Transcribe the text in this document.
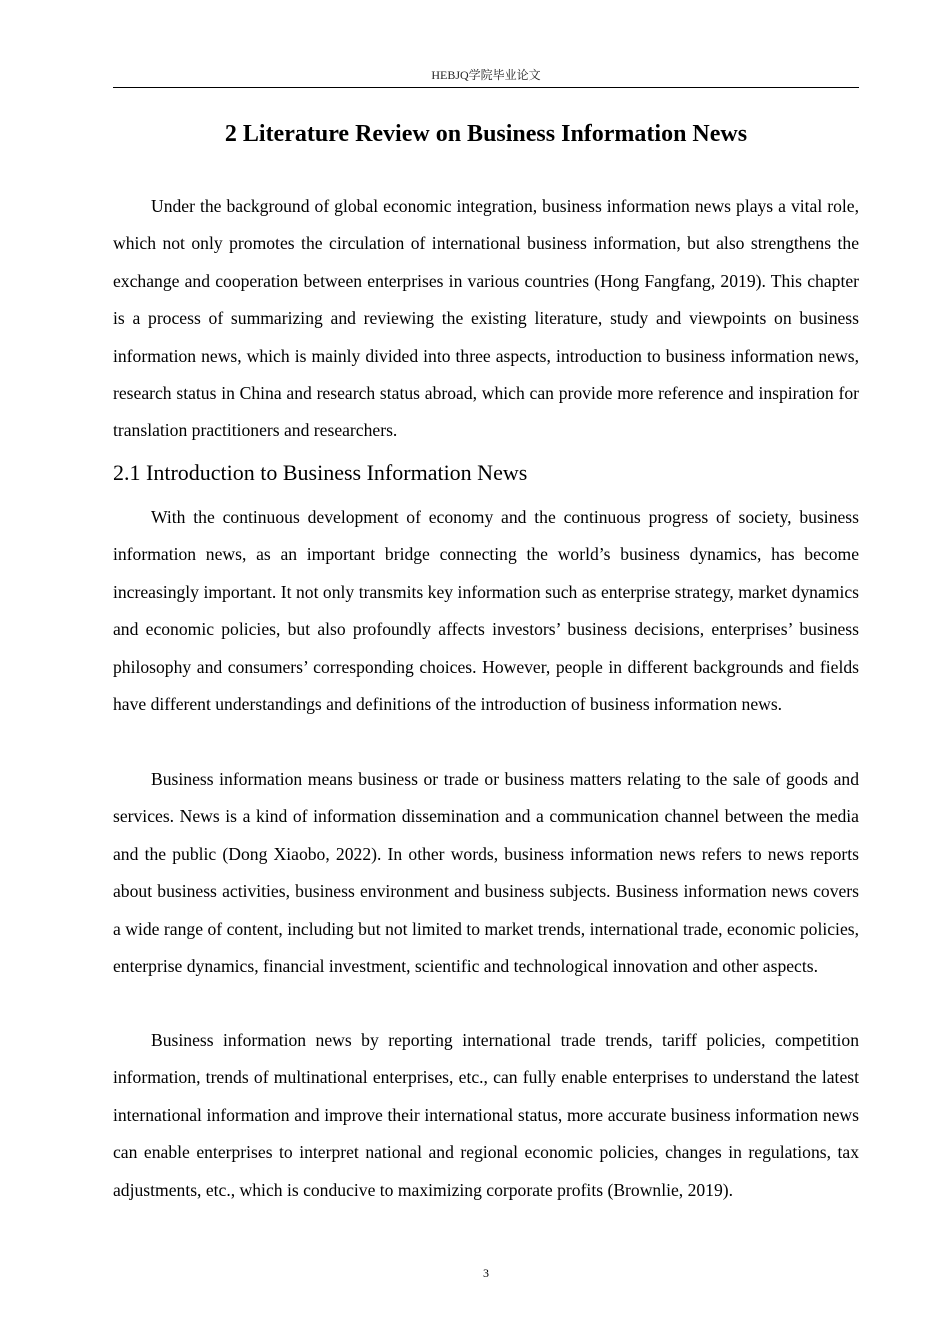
HEBJQ学院毕业论文
2 Literature Review on Business Information News

Under the background of global economic integration, business information news plays a vital role, which not only promotes the circulation of international business information, but also strengthens the exchange and cooperation between enterprises in various countries (Hong Fangfang, 2019). This chapter is a process of summarizing and reviewing the existing literature, study and viewpoints on business information news, which is mainly divided into three aspects, introduction to business information news, research status in China and research status abroad, which can provide more reference and inspiration for translation practitioners and researchers.

2.1 Introduction to Business Information News

With the continuous development of economy and the continuous progress of society, business information news, as an important bridge connecting the world’s business dynamics, has become increasingly important. It not only transmits key information such as enterprise strategy, market dynamics and economic policies, but also profoundly affects investors’ business decisions, enterprises’ business philosophy and consumers’ corresponding choices. However, people in different backgrounds and fields have different understandings and definitions of the introduction of business information news.

Business information means business or trade or business matters relating to the sale of goods and services. News is a kind of information dissemination and a communication channel between the media and the public (Dong Xiaobo, 2022). In other words, business information news refers to news reports about business activities, business environment and business subjects. Business information news covers a wide range of content, including but not limited to market trends, international trade, economic policies, enterprise dynamics, financial investment, scientific and technological innovation and other aspects.

Business information news by reporting international trade trends, tariff policies, competition information, trends of multinational enterprises, etc., can fully enable enterprises to understand the latest international information and improve their international status, more accurate business information news can enable enterprises to interpret national and regional economic policies, changes in regulations, tax adjustments, etc., which is conducive to maximizing corporate profits (Brownlie, 2019).

3
